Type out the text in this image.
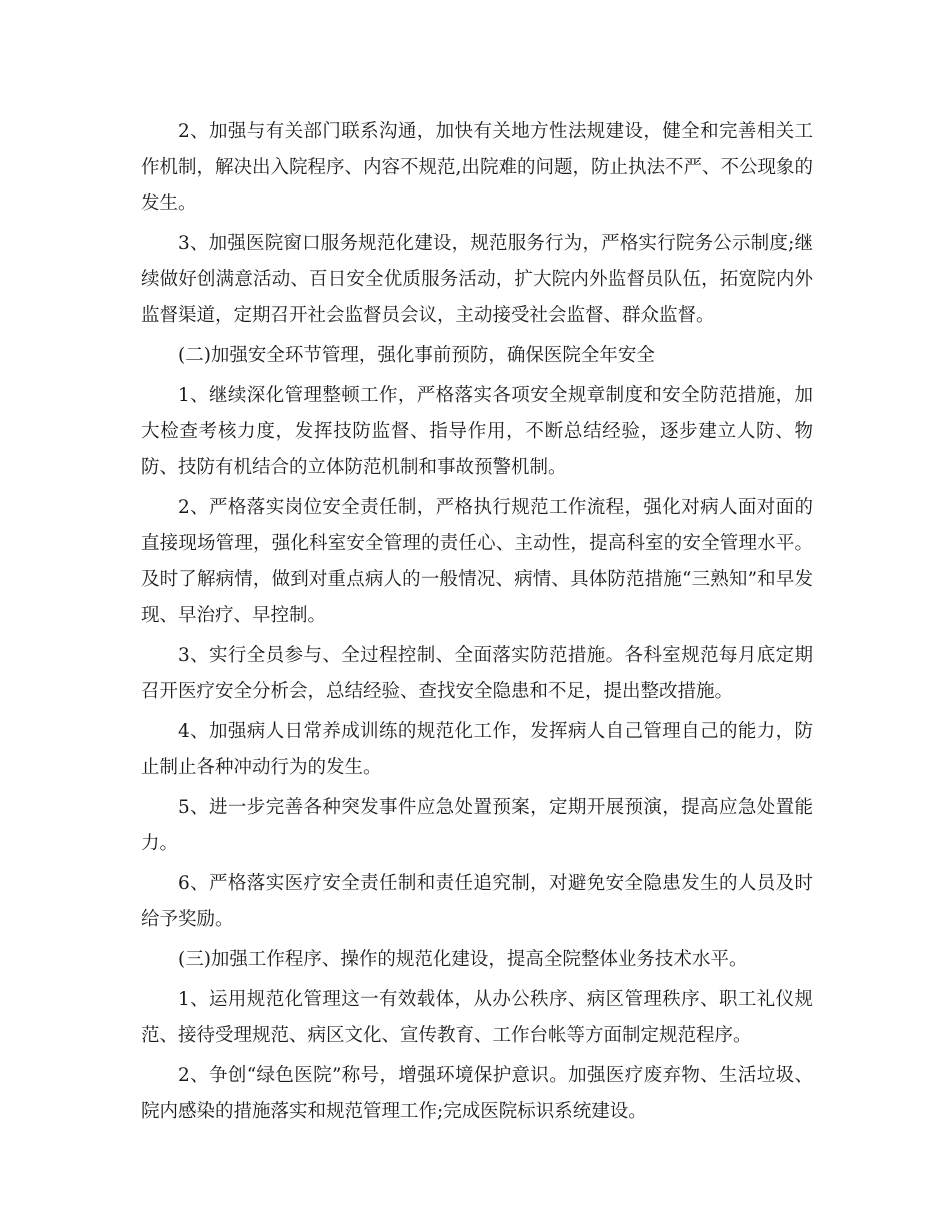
2、加强与有关部门联系沟通，加快有关地方性法规建设，健全和完善相关工作机制，解决出入院程序、内容不规范,出院难的问题，防止执法不严、不公现象的发生。

3、加强医院窗口服务规范化建设，规范服务行为，严格实行院务公示制度;继续做好创满意活动、百日安全优质服务活动，扩大院内外监督员队伍，拓宽院内外监督渠道，定期召开社会监督员会议，主动接受社会监督、群众监督。

(二)加强安全环节管理，强化事前预防，确保医院全年安全

1、继续深化管理整顿工作，严格落实各项安全规章制度和安全防范措施，加大检查考核力度，发挥技防监督、指导作用，不断总结经验，逐步建立人防、物防、技防有机结合的立体防范机制和事故预警机制。

2、严格落实岗位安全责任制，严格执行规范工作流程，强化对病人面对面的直接现场管理，强化科室安全管理的责任心、主动性，提高科室的安全管理水平。及时了解病情，做到对重点病人的一般情况、病情、具体防范措施“三熟知”和早发现、早治疗、早控制。

3、实行全员参与、全过程控制、全面落实防范措施。各科室规范每月底定期召开医疗安全分析会，总结经验、查找安全隐患和不足，提出整改措施。

4、加强病人日常养成训练的规范化工作，发挥病人自己管理自己的能力，防止制止各种冲动行为的发生。

5、进一步完善各种突发事件应急处置预案，定期开展预演，提高应急处置能力。

6、严格落实医疗安全责任制和责任追究制，对避免安全隐患发生的人员及时给予奖励。

(三)加强工作程序、操作的规范化建设，提高全院整体业务技术水平。

1、运用规范化管理这一有效载体，从办公秩序、病区管理秩序、职工礼仪规范、接待受理规范、病区文化、宣传教育、工作台帐等方面制定规范程序。

2、争创“绿色医院”称号，增强环境保护意识。加强医疗废弃物、生活垃圾、院内感染的措施落实和规范管理工作;完成医院标识系统建设。
